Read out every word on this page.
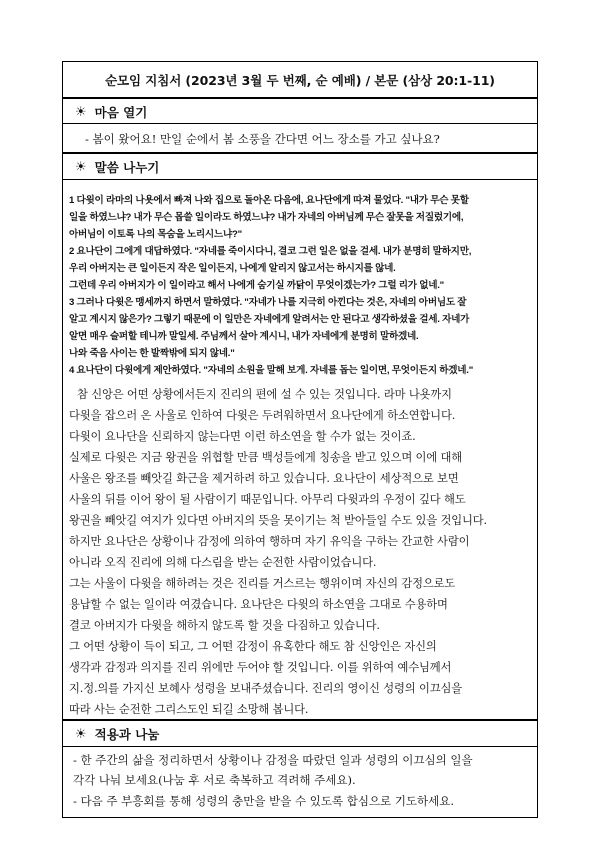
순모임 지침서 (2023년 3월 두 번째, 순 예배) / 본문 (삼상 20:1-11)
☀ 마음 열기
- 봄이 왔어요! 만일 순에서 봄 소풍을 간다면 어느 장소를 가고 싶나요?
☀ 말씀 나누기
1 다윗이 라마의 나욧에서 빠져 나와 집으로 돌아온 다음에, 요나단에게 따져 물었다. "내가 무슨 못할
일을 하였느냐? 내가 무슨 몹쓸 일이라도 하였느냐? 내가 자네의 아버님께 무슨 잘못을 저질렀기에,
아버님이 이토록 나의 목숨을 노리시느냐?"
2 요나단이 그에게 대답하였다. "자네를 죽이시다니, 결코 그런 일은 없을 걸세. 내가 분명히 말하지만,
우리 아버지는 큰 일이든지 작은 일이든지, 나에게 알리지 않고서는 하시지를 않네.
그런데 우리 아버지가 이 일이라고 해서 나에게 숨기실 까닭이 무엇이겠는가? 그럴 리가 없네."
3 그러나 다윗은 맹세까지 하면서 말하였다. "자네가 나를 지극히 아낀다는 것은, 자네의 아버님도 잘
알고 계시지 않은가? 그렇기 때문에 이 일만은 자네에게 알려서는 안 된다고 생각하셨을 걸세. 자네가
알면 매우 슬퍼할 테니까 말일세. 주님께서 살아 계시니, 내가 자네에게 분명히 말하겠네.
나와 죽음 사이는 한 발짝밖에 되지 않네."
4 요나단이 다윗에게 제안하였다. "자네의 소원을 말해 보게. 자네를 돕는 일이면, 무엇이든지 하겠네."
참 신앙은 어떤 상황에서든지 진리의 편에 설 수 있는 것입니다. 라마 나욧까지
다윗을 잡으러 온 사울로 인하여 다윗은 두려워하면서 요나단에게 하소연합니다.
다윗이 요나단을 신뢰하지 않는다면 이런 하소연을 할 수가 없는 것이죠.
실제로 다윗은 지금 왕권을 위협할 만큼 백성들에게 칭송을 받고 있으며 이에 대해
사울은 왕조를 빼앗길 화근을 제거하려 하고 있습니다. 요나단이 세상적으로 보면
사울의 뒤를 이어 왕이 될 사람이기 때문입니다. 아무리 다윗과의 우정이 깊다 해도
왕권을 빼앗길 여지가 있다면 아버지의 뜻을 못이기는 척 받아들일 수도 있을 것입니다.
하지만 요나단은 상황이나 감정에 의하여 행하며 자기 유익을 구하는 간교한 사람이
아니라 오직 진리에 의해 다스림을 받는 순전한 사람이었습니다.
그는 사울이 다윗을 해하려는 것은 진리를 거스르는 행위이며 자신의 감정으로도
용납할 수 없는 일이라 여겼습니다. 요나단은 다윗의 하소연을 그대로 수용하며
결코 아버지가 다윗을 해하지 않도록 할 것을 다짐하고 있습니다.
그 어떤 상황이 득이 되고, 그 어떤 감정이 유혹한다 해도 참 신앙인은 자신의
생각과 감정과 의지를 진리 위에만 두어야 할 것입니다. 이를 위하여 예수님께서
지.정.의를 가지신 보혜사 성령을 보내주셨습니다. 진리의 영이신 성령의 이끄심을
따라 사는 순전한 그리스도인 되길 소망해 봅니다.
☀ 적용과 나눔
- 한 주간의 삶을 정리하면서 상황이나 감정을 따랐던 일과 성령의 이끄심의 일을
각각 나눠 보세요(나눔 후 서로 축복하고 격려해 주세요).
- 다음 주 부흥회를 통해 성령의 충만을 받을 수 있도록 합심으로 기도하세요.
